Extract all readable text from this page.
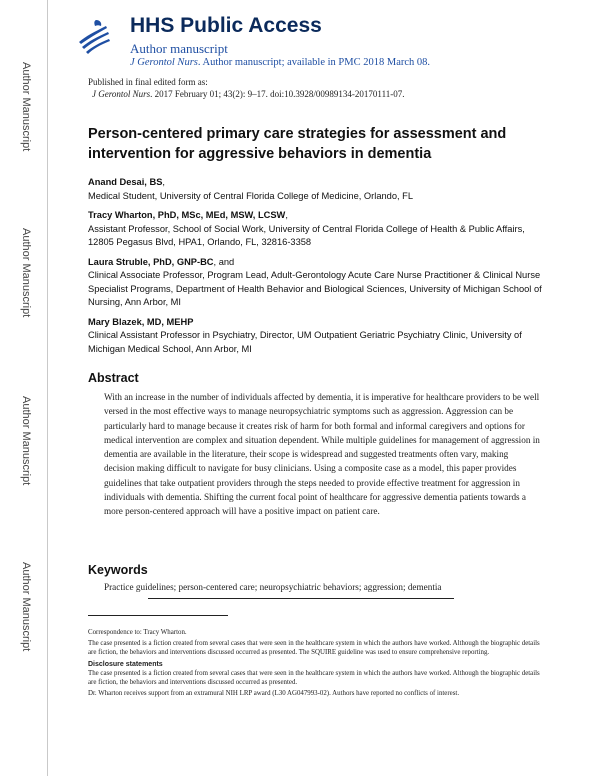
Author Manuscript
Author Manuscript
Author Manuscript
Author Manuscript
HHS Public Access
Author manuscript
J Gerontol Nurs. Author manuscript; available in PMC 2018 March 08.
Published in final edited form as:
J Gerontol Nurs. 2017 February 01; 43(2): 9–17. doi:10.3928/00989134-20170111-07.
Person-centered primary care strategies for assessment and intervention for aggressive behaviors in dementia
Anand Desai, BS,
Medical Student, University of Central Florida College of Medicine, Orlando, FL
Tracy Wharton, PhD, MSc, MEd, MSW, LCSW,
Assistant Professor, School of Social Work, University of Central Florida College of Health & Public Affairs, 12805 Pegasus Blvd, HPA1, Orlando, FL, 32816-3358
Laura Struble, PhD, GNP-BC, and
Clinical Associate Professor, Program Lead, Adult-Gerontology Acute Care Nurse Practitioner & Clinical Nurse Specialist Programs, Department of Health Behavior and Biological Sciences, University of Michigan School of Nursing, Ann Arbor, MI
Mary Blazek, MD, MEHP
Clinical Assistant Professor in Psychiatry, Director, UM Outpatient Geriatric Psychiatry Clinic, University of Michigan Medical School, Ann Arbor, MI
Abstract
With an increase in the number of individuals affected by dementia, it is imperative for healthcare providers to be well versed in the most effective ways to manage neuropsychiatric symptoms such as aggression. Aggression can be particularly hard to manage because it creates risk of harm for both formal and informal caregivers and options for medical intervention are complex and situation dependent. While multiple guidelines for management of aggression in dementia are available in the literature, their scope is widespread and suggested treatments often vary, making decision making difficult to navigate for busy clinicians. Using a composite case as a model, this paper provides guidelines that take outpatient providers through the steps needed to provide effective treatment for aggression in individuals with dementia. Shifting the current focal point of healthcare for aggressive dementia patients towards a more person-centered approach will have a positive impact on patient care.
Keywords
Practice guidelines; person-centered care; neuropsychiatric behaviors; aggression; dementia
Correspondence to: Tracy Wharton.
The case presented is a fiction created from several cases that were seen in the healthcare system in which the authors have worked. Although the biographic details are fiction, the behaviors and interventions discussed occurred as presented. The SQUIRE guideline was used to ensure comprehensive reporting.
Disclosure statements
The case presented is a fiction created from several cases that were seen in the healthcare system in which the authors have worked. Although the biographic details are fiction, the behaviors and interventions discussed occurred as presented.
Dr. Wharton receives support from an extramural NIH LRP award (L30 AG047993-02). Authors have reported no conflicts of interest.
